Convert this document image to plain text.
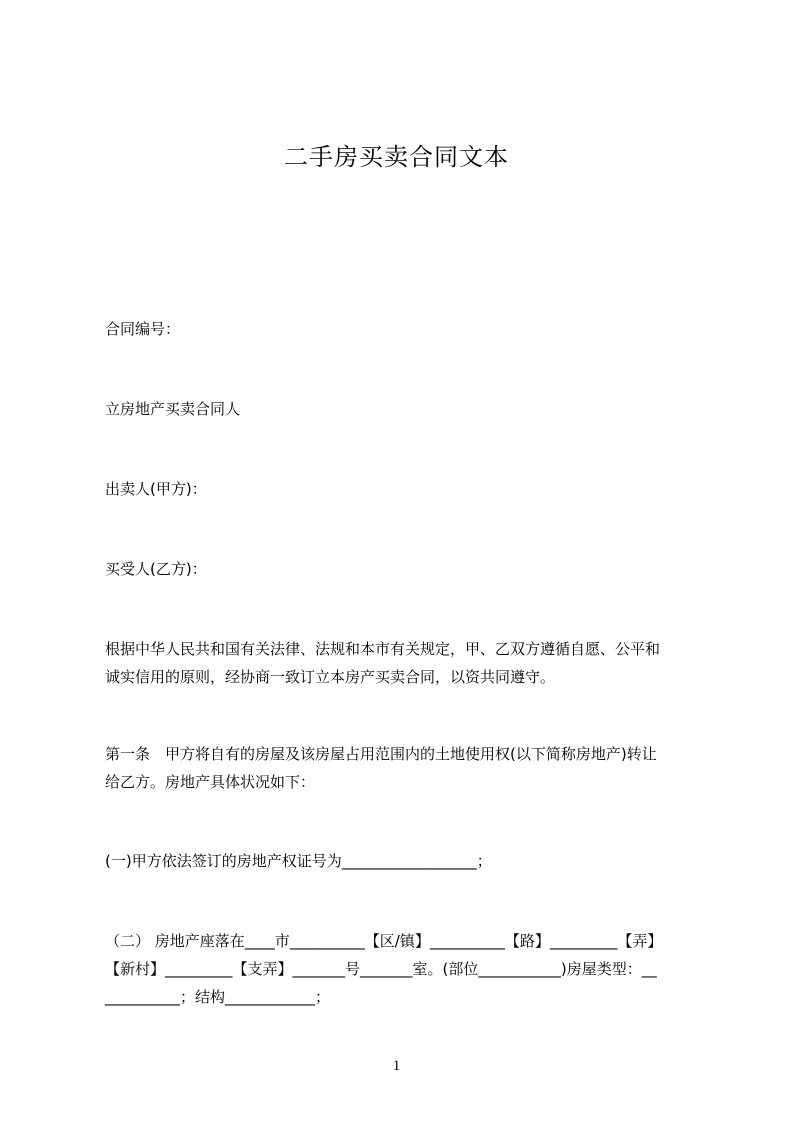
二手房买卖合同文本
合同编号：
立房地产买卖合同人
出卖人(甲方)：
买受人(乙方)：
根据中华人民共和国有关法律、法规和本市有关规定，甲、乙双方遵循自愿、公平和
诚实信用的原则，经协商一致订立本房产买卖合同，以资共同遵守。
第一条　甲方将自有的房屋及该房屋占用范围内的土地使用权(以下简称房地产)转让
给乙方。房地产具体状况如下：
(一)甲方依法签订的房地产权证号为__________________；
（二） 房地产座落在____市__________【区/镇】__________【路】_________【弄】
【新村】_________【支弄】_______号_______室。(部位___________)房屋类型：__
__________；结构____________；
1
